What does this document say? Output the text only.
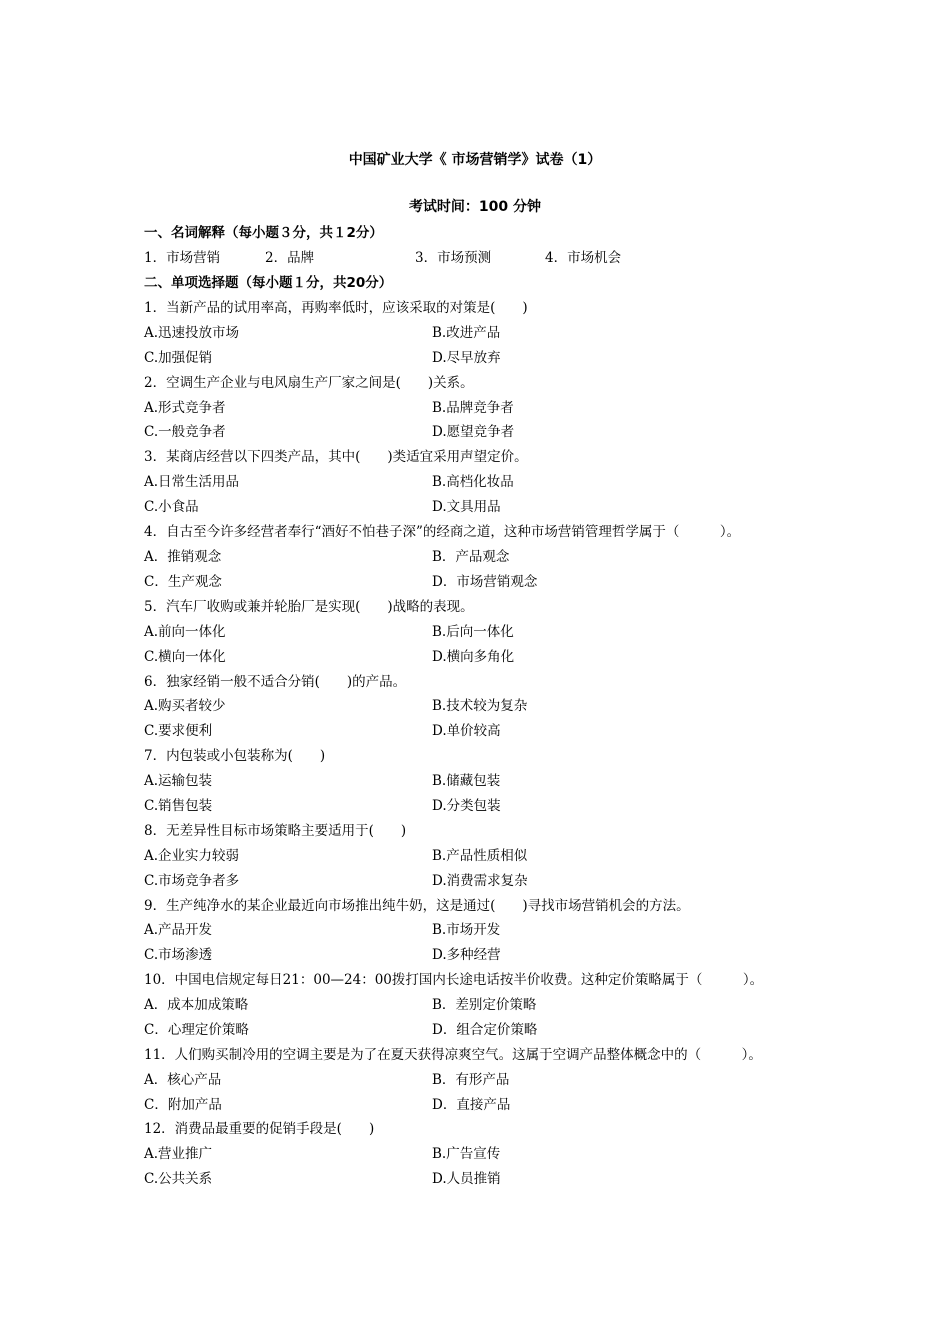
中国矿业大学《 市场营销学》试卷（1）
考试时间：100 分钟
一、名词解释（每小题３分，共１2分）
1．市场营销	2．品牌	3．市场预测	4．市场机会
二、单项选择题（每小题１分，共20分）
1．当新产品的试用率高，再购率低时，应该采取的对策是(　　)
A.迅速投放市场	B.改进产品
C.加强促销	D.尽早放弃
2．空调生产企业与电风扇生产厂家之间是(　　)关系。
A.形式竞争者	B.品牌竞争者
C.一般竞争者	D.愿望竞争者
3．某商店经营以下四类产品，其中(　　)类适宜采用声望定价。
A.日常生活用品	B.高档化妆品
C.小食品	D.文具用品
4．自古至今许多经营者奉行“酒好不怕巷子深”的经商之道，这种市场营销管理哲学属于（　　　）。
A．推销观念	B．产品观念
C．生产观念	D．市场营销观念
5．汽车厂收购或兼并轮胎厂是实现(　　)战略的表现。
A.前向一体化	B.后向一体化
C.横向一体化	D.横向多角化
6．独家经销一般不适合分销(　　)的产品。
A.购买者较少	B.技术较为复杂
C.要求便利	D.单价较高
7．内包装或小包装称为(　　)
A.运输包装	B.储藏包装
C.销售包装	D.分类包装
8．无差异性目标市场策略主要适用于(　　)
A.企业实力较弱	B.产品性质相似
C.市场竞争者多	D.消费需求复杂
9．生产纯净水的某企业最近向市场推出纯牛奶，这是通过(　　)寻找市场营销机会的方法。
A.产品开发	B.市场开发
C.市场渗透	D.多种经营
10．中国电信规定每日21：00—24：00拨打国内长途电话按半价收费。这种定价策略属于（　　　）。
A．成本加成策略	B．差别定价策略
C．心理定价策略	D．组合定价策略
11．人们购买制冷用的空调主要是为了在夏天获得凉爽空气。这属于空调产品整体概念中的（　　　）。
A．核心产品	B．有形产品
C．附加产品	D．直接产品
12．消费品最重要的促销手段是(　　)
A.营业推广	B.广告宣传
C.公共关系	D.人员推销
